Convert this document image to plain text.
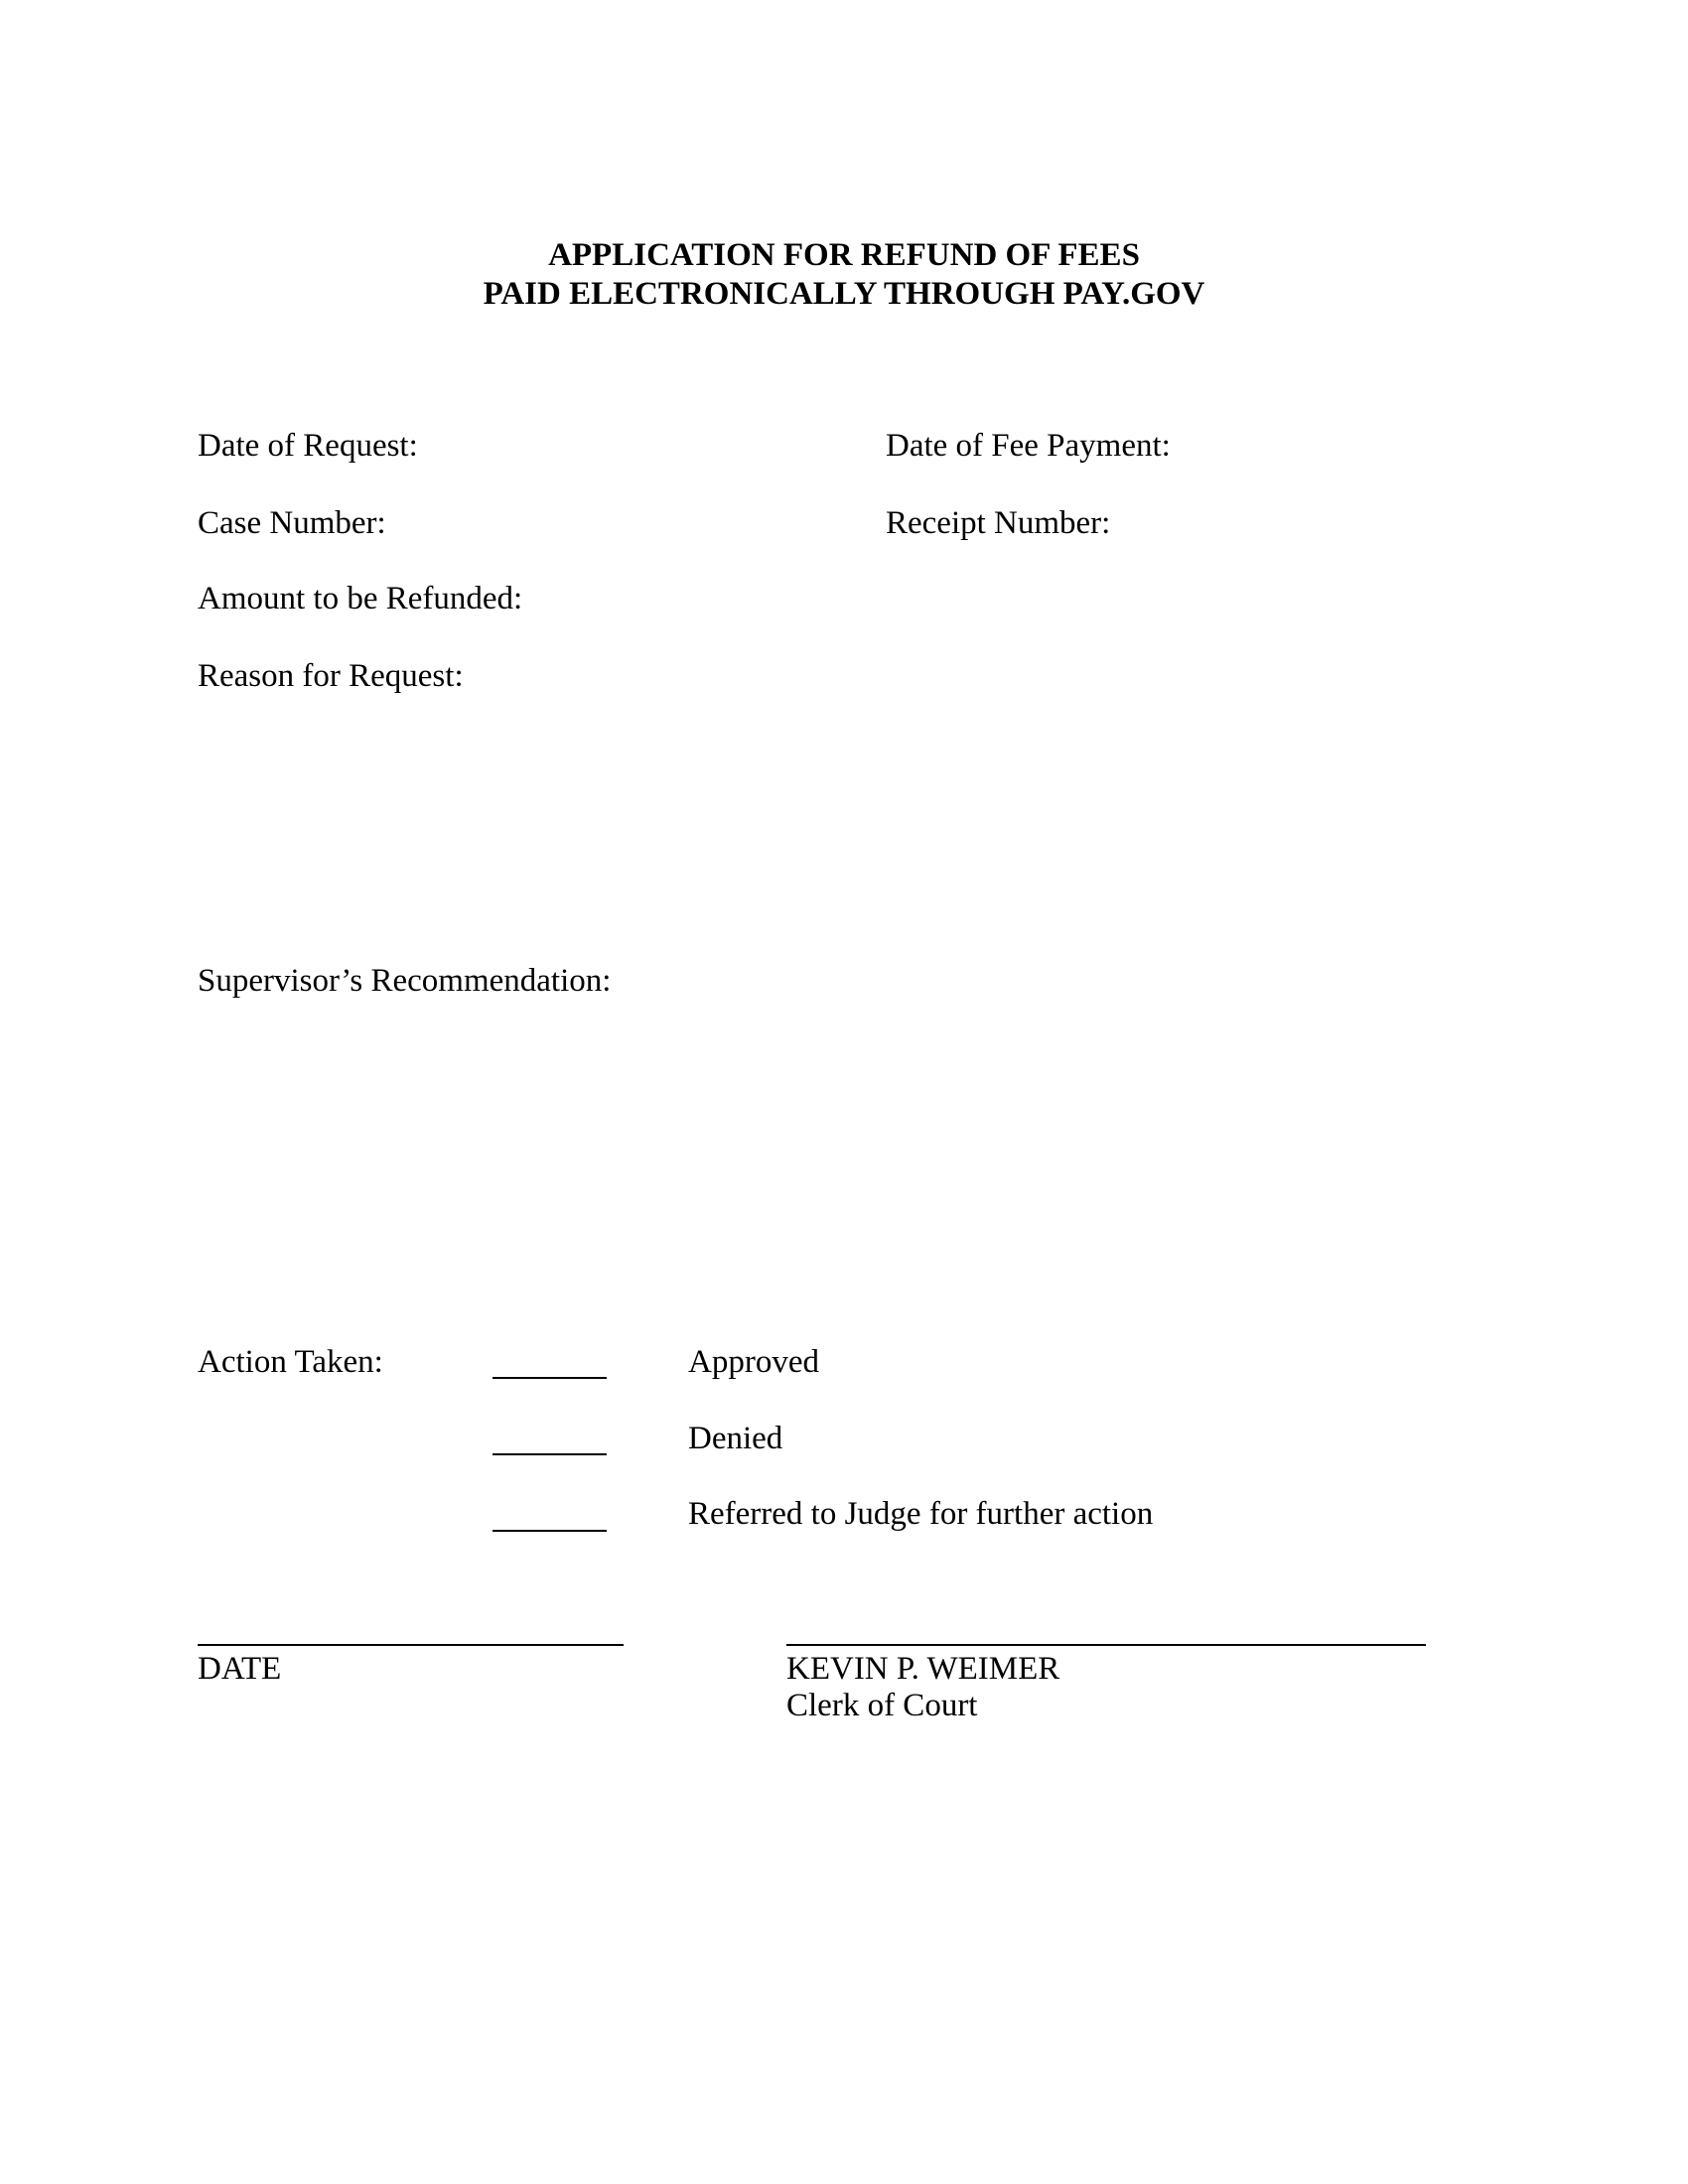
APPLICATION FOR REFUND OF FEES
PAID ELECTRONICALLY THROUGH PAY.GOV
Date of Request:	Date of Fee Payment:
Case Number:	Receipt Number:
Amount to be Refunded:
Reason for Request:
Supervisor’s Recommendation:
Action Taken:	Approved
Denied
Referred to Judge for further action
DATE	KEVIN P. WEIMER
Clerk of Court
